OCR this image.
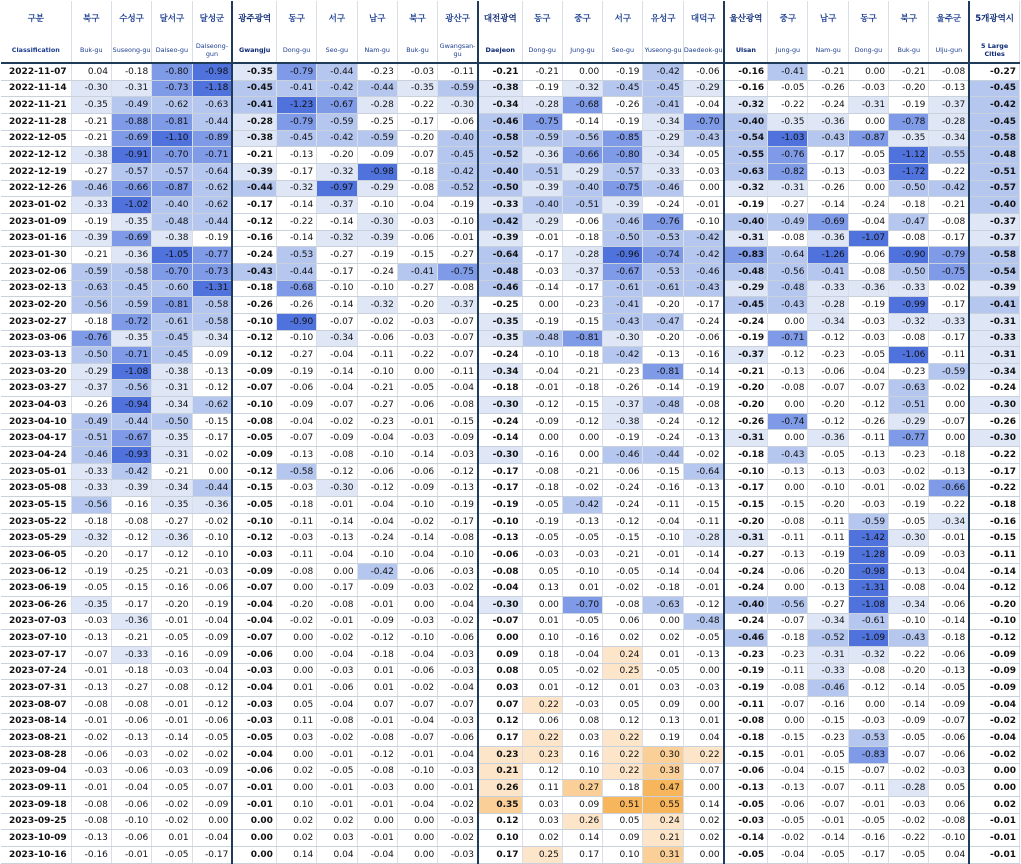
구분	북구	수성구	달서구	달성군	광주광역	동구	서구	남구	북구	광산구	대전광역	동구	중구	서구	유성구	대덕구	울산광역	중구	남구	동구	북구	울주군	5개광역시
Classification	Buk-gu	Suseong-gu	Dalseo-gu	Dalseong-gun	Gwangju	Dong-gu	Seo-gu	Nam-gu	Buk-gu	Gwangsan-gu	Daejeon	Dong-gu	Jung-gu	Seo-gu	Yuseong-gu	Daedeok-gu	Ulsan	Jung-gu	Nam-gu	Dong-gu	Buk-gu	Ulju-gun	5 Large Cities
2022-11-07	0.04	-0.18	-0.80	-0.98	-0.35	-0.79	-0.44	-0.23	-0.03	-0.11	-0.21	-0.21	0.00	-0.19	-0.42	-0.06	-0.16	-0.41	-0.21	0.00	-0.21	-0.08	-0.27
2022-11-14	-0.30	-0.31	-0.73	-1.18	-0.45	-0.41	-0.42	-0.44	-0.35	-0.59	-0.38	-0.19	-0.32	-0.45	-0.45	-0.29	-0.16	-0.05	-0.26	-0.03	-0.20	-0.13	-0.45
2022-11-21	-0.35	-0.49	-0.62	-0.63	-0.41	-1.23	-0.67	-0.28	-0.22	-0.30	-0.34	-0.28	-0.68	-0.26	-0.41	-0.04	-0.32	-0.22	-0.24	-0.31	-0.19	-0.37	-0.42
2022-11-28	-0.21	-0.88	-0.81	-0.44	-0.28	-0.79	-0.59	-0.25	-0.17	-0.06	-0.46	-0.75	-0.14	-0.19	-0.34	-0.70	-0.40	-0.35	-0.36	0.00	-0.78	-0.28	-0.45
2022-12-05	-0.21	-0.69	-1.10	-0.89	-0.38	-0.45	-0.42	-0.59	-0.20	-0.40	-0.58	-0.59	-0.56	-0.85	-0.29	-0.43	-0.54	-1.03	-0.43	-0.87	-0.35	-0.34	-0.58
2022-12-12	-0.38	-0.91	-0.70	-0.71	-0.21	-0.13	-0.20	-0.09	-0.07	-0.45	-0.52	-0.36	-0.66	-0.80	-0.34	-0.05	-0.55	-0.76	-0.17	-0.05	-1.12	-0.55	-0.48
2022-12-19	-0.27	-0.57	-0.57	-0.64	-0.39	-0.17	-0.32	-0.98	-0.18	-0.42	-0.40	-0.51	-0.29	-0.57	-0.33	-0.03	-0.63	-0.82	-0.13	-0.03	-1.72	-0.22	-0.51
2022-12-26	-0.46	-0.66	-0.87	-0.62	-0.44	-0.32	-0.97	-0.29	-0.08	-0.52	-0.50	-0.39	-0.40	-0.75	-0.46	0.00	-0.32	-0.31	-0.26	0.00	-0.50	-0.42	-0.57
2023-01-02	-0.33	-1.02	-0.40	-0.62	-0.17	-0.14	-0.37	-0.10	-0.04	-0.19	-0.33	-0.40	-0.51	-0.39	-0.24	-0.01	-0.19	-0.27	-0.14	-0.24	-0.18	-0.21	-0.40
2023-01-09	-0.19	-0.35	-0.48	-0.44	-0.12	-0.22	-0.14	-0.30	-0.03	-0.10	-0.42	-0.29	-0.06	-0.46	-0.76	-0.10	-0.40	-0.49	-0.69	-0.04	-0.47	-0.08	-0.37
2023-01-16	-0.39	-0.69	-0.38	-0.19	-0.16	-0.14	-0.32	-0.39	-0.06	-0.01	-0.39	-0.01	-0.18	-0.50	-0.53	-0.42	-0.31	-0.08	-0.36	-1.07	-0.08	-0.17	-0.37
2023-01-30	-0.21	-0.36	-1.05	-0.77	-0.24	-0.53	-0.27	-0.19	-0.15	-0.27	-0.64	-0.17	-0.28	-0.96	-0.74	-0.42	-0.83	-0.64	-1.26	-0.06	-0.90	-0.79	-0.58
2023-02-06	-0.59	-0.58	-0.70	-0.73	-0.43	-0.44	-0.17	-0.24	-0.41	-0.75	-0.48	-0.03	-0.37	-0.67	-0.53	-0.46	-0.48	-0.56	-0.41	-0.08	-0.50	-0.75	-0.54
2023-02-13	-0.63	-0.45	-0.60	-1.31	-0.18	-0.68	-0.10	-0.10	-0.27	-0.08	-0.46	-0.14	-0.17	-0.61	-0.61	-0.43	-0.29	-0.48	-0.33	-0.36	-0.33	-0.02	-0.39
2023-02-20	-0.56	-0.59	-0.81	-0.58	-0.26	-0.26	-0.14	-0.32	-0.20	-0.37	-0.25	0.00	-0.23	-0.41	-0.20	-0.17	-0.45	-0.43	-0.28	-0.19	-0.99	-0.17	-0.41
2023-02-27	-0.18	-0.72	-0.61	-0.58	-0.10	-0.90	-0.07	-0.02	-0.03	-0.07	-0.35	-0.19	-0.15	-0.43	-0.47	-0.24	-0.24	0.00	-0.34	-0.03	-0.32	-0.33	-0.31
2023-03-06	-0.76	-0.35	-0.45	-0.34	-0.12	-0.10	-0.34	-0.06	-0.03	-0.07	-0.35	-0.48	-0.81	-0.30	-0.20	-0.06	-0.19	-0.71	-0.12	-0.03	-0.08	-0.17	-0.33
2023-03-13	-0.50	-0.71	-0.45	-0.09	-0.12	-0.27	-0.04	-0.11	-0.22	-0.07	-0.24	-0.10	-0.18	-0.42	-0.13	-0.16	-0.37	-0.12	-0.23	-0.05	-1.06	-0.11	-0.31
2023-03-20	-0.29	-1.08	-0.38	-0.13	-0.09	-0.19	-0.14	-0.10	0.00	-0.11	-0.34	-0.04	-0.21	-0.23	-0.81	-0.14	-0.21	-0.13	-0.06	-0.04	-0.23	-0.59	-0.34
2023-03-27	-0.37	-0.56	-0.31	-0.12	-0.07	-0.06	-0.04	-0.21	-0.05	-0.04	-0.18	-0.01	-0.18	-0.26	-0.14	-0.19	-0.20	-0.08	-0.07	-0.07	-0.63	-0.02	-0.24
2023-04-03	-0.26	-0.94	-0.34	-0.62	-0.10	-0.09	-0.07	-0.27	-0.06	-0.08	-0.30	-0.12	-0.15	-0.37	-0.48	-0.08	-0.20	0.00	-0.20	-0.12	-0.51	0.00	-0.30
2023-04-10	-0.49	-0.44	-0.50	-0.15	-0.08	-0.04	-0.02	-0.23	-0.01	-0.15	-0.24	-0.09	-0.12	-0.38	-0.24	-0.12	-0.26	-0.74	-0.12	-0.26	-0.29	-0.07	-0.26
2023-04-17	-0.51	-0.67	-0.35	-0.17	-0.05	-0.07	-0.09	-0.04	-0.03	-0.09	-0.14	0.00	0.00	-0.19	-0.24	-0.13	-0.31	0.00	-0.36	-0.11	-0.77	0.00	-0.30
2023-04-24	-0.46	-0.93	-0.31	-0.02	-0.09	-0.13	-0.08	-0.10	-0.14	-0.03	-0.30	-0.16	0.00	-0.46	-0.44	-0.02	-0.18	-0.43	-0.05	-0.13	-0.23	-0.18	-0.22
2023-05-01	-0.33	-0.42	-0.21	0.00	-0.12	-0.58	-0.12	-0.06	-0.06	-0.12	-0.17	-0.08	-0.21	-0.06	-0.15	-0.64	-0.10	-0.13	-0.13	-0.03	-0.02	-0.13	-0.17
2023-05-08	-0.33	-0.39	-0.34	-0.44	-0.15	-0.03	-0.30	-0.12	-0.09	-0.13	-0.17	-0.18	-0.02	-0.24	-0.16	-0.13	-0.17	0.00	-0.10	-0.01	-0.02	-0.66	-0.22
2023-05-15	-0.56	-0.16	-0.35	-0.36	-0.05	-0.18	-0.01	-0.04	-0.10	-0.19	-0.19	-0.05	-0.42	-0.24	-0.11	-0.15	-0.15	-0.15	-0.20	-0.03	-0.19	-0.22	-0.18
2023-05-22	-0.18	-0.08	-0.27	-0.02	-0.10	-0.11	-0.14	-0.04	-0.02	-0.17	-0.10	-0.19	-0.13	-0.12	-0.04	-0.11	-0.20	-0.08	-0.11	-0.59	-0.05	-0.34	-0.16
2023-05-29	-0.32	-0.12	-0.36	-0.10	-0.12	-0.03	-0.13	-0.24	-0.14	-0.08	-0.13	-0.05	-0.05	-0.15	-0.10	-0.28	-0.31	-0.11	-0.11	-1.42	-0.30	-0.01	-0.15
2023-06-05	-0.20	-0.17	-0.12	-0.10	-0.03	-0.11	-0.04	-0.10	-0.04	-0.10	-0.06	-0.03	-0.03	-0.21	-0.01	-0.14	-0.27	-0.13	-0.19	-1.28	-0.09	-0.03	-0.11
2023-06-12	-0.19	-0.25	-0.21	-0.03	-0.09	-0.08	0.00	-0.42	-0.06	-0.03	-0.08	0.05	-0.10	-0.05	-0.14	-0.04	-0.24	-0.06	-0.20	-0.98	-0.13	-0.04	-0.14
2023-06-19	-0.05	-0.15	-0.16	-0.06	-0.07	0.00	-0.17	-0.09	-0.03	-0.02	-0.04	0.13	0.01	-0.02	-0.18	-0.01	-0.24	0.00	-0.13	-1.31	-0.08	-0.04	-0.12
2023-06-26	-0.35	-0.17	-0.20	-0.19	-0.04	-0.20	-0.08	-0.01	0.00	-0.04	-0.30	0.00	-0.70	-0.08	-0.63	-0.12	-0.40	-0.56	-0.27	-1.08	-0.34	-0.06	-0.20
2023-07-03	-0.03	-0.36	-0.01	-0.04	-0.04	-0.02	-0.01	-0.09	-0.03	-0.02	-0.07	0.01	-0.05	0.06	0.00	-0.48	-0.24	-0.07	-0.34	-0.61	-0.10	-0.14	-0.10
2023-07-10	-0.13	-0.21	-0.05	-0.09	-0.07	0.00	-0.02	-0.12	-0.10	-0.06	0.00	0.10	-0.16	0.02	0.02	-0.05	-0.46	-0.18	-0.52	-1.09	-0.43	-0.18	-0.12
2023-07-17	-0.07	-0.33	-0.16	-0.09	-0.06	0.00	-0.04	-0.18	-0.04	-0.03	0.09	0.18	-0.04	0.24	0.01	-0.13	-0.23	-0.23	-0.31	-0.32	-0.22	-0.06	-0.09
2023-07-24	-0.01	-0.18	-0.03	-0.04	-0.03	0.00	-0.03	0.01	-0.06	-0.03	0.08	0.05	-0.02	0.25	-0.05	0.00	-0.19	-0.11	-0.33	-0.08	-0.20	-0.13	-0.09
2023-07-31	-0.13	-0.27	-0.08	-0.12	-0.04	0.01	-0.06	0.01	-0.02	-0.04	0.03	0.01	-0.12	0.01	0.03	-0.03	-0.19	-0.08	-0.46	-0.12	-0.14	-0.05	-0.09
2023-08-07	-0.08	-0.08	-0.01	-0.12	-0.03	0.05	-0.04	0.07	-0.07	-0.07	0.07	0.22	-0.03	0.05	0.09	0.00	-0.11	-0.07	-0.16	0.00	-0.14	-0.09	-0.04
2023-08-14	-0.01	-0.06	-0.01	-0.06	-0.03	0.11	-0.08	-0.01	-0.04	-0.03	0.12	0.06	0.08	0.12	0.13	0.01	-0.08	0.00	-0.15	-0.03	-0.09	-0.07	-0.02
2023-08-21	-0.02	-0.13	-0.14	-0.05	-0.05	0.03	-0.02	-0.08	-0.07	-0.06	0.17	0.22	0.03	0.22	0.19	0.04	-0.18	-0.15	-0.23	-0.53	-0.05	-0.06	-0.04
2023-08-28	-0.06	-0.03	-0.02	-0.02	-0.04	0.00	-0.01	-0.12	-0.01	-0.04	0.23	0.23	0.16	0.22	0.30	0.22	-0.15	-0.01	-0.05	-0.83	-0.07	-0.06	-0.02
2023-09-04	-0.03	-0.06	-0.03	-0.09	-0.06	0.02	-0.05	-0.08	-0.10	-0.03	0.21	0.12	0.10	0.22	0.38	0.07	-0.06	-0.04	-0.15	-0.07	-0.02	-0.03	0.00
2023-09-11	-0.01	-0.04	-0.05	-0.07	-0.01	0.00	-0.01	-0.03	0.00	-0.01	0.26	0.11	0.27	0.18	0.47	0.00	-0.13	-0.13	-0.07	-0.11	-0.28	0.05	0.00
2023-09-18	-0.08	-0.06	-0.02	-0.09	-0.01	0.10	-0.01	-0.01	-0.04	-0.02	0.35	0.03	0.09	0.51	0.55	0.14	-0.05	-0.06	-0.07	-0.01	-0.03	0.06	0.02
2023-09-25	-0.08	-0.10	-0.02	0.00	0.00	0.02	0.02	0.00	0.00	-0.03	0.12	0.03	0.26	0.05	0.24	0.02	-0.03	-0.05	-0.01	-0.05	-0.02	-0.08	-0.01
2023-10-09	-0.13	-0.06	0.01	-0.04	0.00	0.02	0.03	-0.01	0.00	-0.02	0.10	0.02	0.14	0.09	0.21	0.02	-0.14	-0.02	-0.14	-0.16	-0.22	-0.10	-0.01
2023-10-16	-0.16	-0.01	-0.05	-0.17	0.00	0.14	0.04	-0.04	0.00	-0.03	0.17	0.25	0.17	0.10	0.31	0.00	-0.05	-0.04	-0.05	-0.17	-0.05	0.04	-0.01
